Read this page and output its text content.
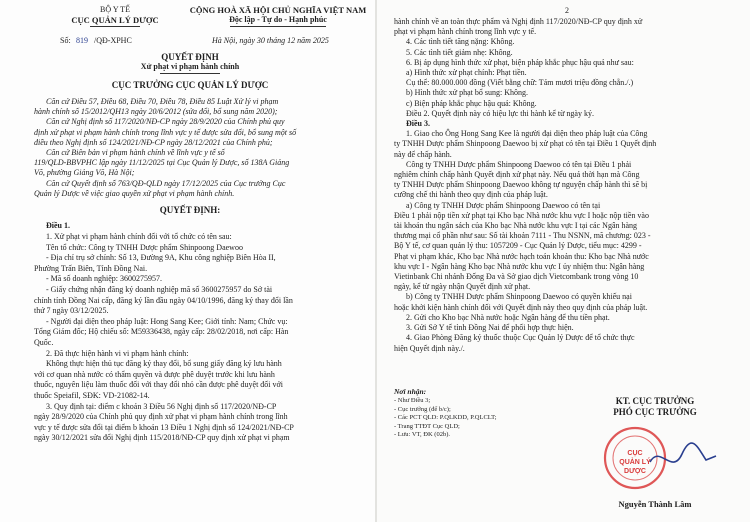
BỘ Y TẾ
CỤC QUẢN LÝ DƯỢC
CỘNG HOÀ XÃ HỘI CHỦ NGHĨA VIỆT NAM
Độc lập - Tự do - Hạnh phúc
Số: 819 /QĐ-XPHC	Hà Nội, ngày 30 tháng 12 năm 2025
QUYẾT ĐỊNH
Xử phạt vi phạm hành chính
CỤC TRƯỞNG CỤC QUẢN LÝ DƯỢC
Căn cứ Điều 57, Điều 68, Điều 70, Điều 78, Điều 85 Luật Xử lý vi phạm
hành chính số 15/2012/QH13 ngày 20/6/2012 (sửa đổi, bổ sung năm 2020);
Căn cứ Nghị định số 117/2020/NĐ-CP ngày 28/9/2020 của Chính phủ quy
định xử phạt vi phạm hành chính trong lĩnh vực y tế được sửa đổi, bổ sung một số
điều theo Nghị định số 124/2021/NĐ-CP ngày 28/12/2021 của Chính phủ;
Căn cứ Biên bản vi phạm hành chính về lĩnh vực y tế số
119/QLD-BBVPHC lập ngày 11/12/2025 tại Cục Quản lý Dược, số 138A Giảng
Võ, phường Giảng Võ, Hà Nội;
Căn cứ Quyết định số 763/QĐ-QLD ngày 17/12/2025 của Cục trưởng Cục
Quản lý Dược về việc giao quyền xử phạt vi phạm hành chính.
QUYẾT ĐỊNH:
Điều 1.
1. Xử phạt vi phạm hành chính đối với tổ chức có tên sau:
Tên tổ chức: Công ty TNHH Dược phẩm Shinpoong Daewoo
- Địa chỉ trụ sở chính: Số 13, Đường 9A, Khu công nghiệp Biên Hòa II,
Phường Trấn Biên, Tỉnh Đồng Nai.
- Mã số doanh nghiệp: 3600275957.
- Giấy chứng nhận đăng ký doanh nghiệp mã số 3600275957 do Sở tài
chính tỉnh Đồng Nai cấp, đăng ký lần đầu ngày 04/10/1996, đăng ký thay đổi lần
thứ 7 ngày 03/12/2025.
- Người đại diện theo pháp luật: Hong Sang Kee; Giới tính: Nam; Chức vụ:
Tổng Giám đốc; Hộ chiếu số: M59336438, ngày cấp: 28/02/2018, nơi cấp: Hàn
Quốc.
2. Đã thực hiện hành vi vi phạm hành chính:
Không thực hiện thủ tục đăng ký thay đổi, bổ sung giấy đăng ký lưu hành
với cơ quan nhà nước có thẩm quyền và được phê duyệt trước khi lưu hành
thuốc, nguyên liệu làm thuốc đối với thay đổi nhỏ cần được phê duyệt đối với
thuốc Speiafil, SĐK: VD-21082-14.
3. Quy định tại: điểm c khoản 3 Điều 56 Nghị định số 117/2020/NĐ-CP
ngày 28/9/2020 của Chính phủ quy định xử phạt vi phạm hành chính trong lĩnh
vực y tế được sửa đổi tại điểm b khoản 13 Điều 1 Nghị định số 124/2021/NĐ-CP
ngày 30/12/2021 sửa đổi Nghị định 115/2018/NĐ-CP quy định xử phạt vi phạm
2
hành chính về an toàn thực phẩm và Nghị định 117/2020/NĐ-CP quy định xử
phạt vi phạm hành chính trong lĩnh vực y tế.
4. Các tình tiết tăng nặng: Không.
5. Các tình tiết giảm nhẹ: Không.
6. Bị áp dụng hình thức xử phạt, biện pháp khắc phục hậu quả như sau:
a) Hình thức xử phạt chính: Phạt tiền.
Cụ thể: 80.000.000 đồng (Viết bằng chữ: Tám mươi triệu đồng chẵn./.)
b) Hình thức xử phạt bổ sung: Không.
c) Biện pháp khắc phục hậu quả: Không.
Điều 2. Quyết định này có hiệu lực thi hành kể từ ngày ký.
Điều 3.
1. Giao cho Ông Hong Sang Kee là người đại diện theo pháp luật của Công
ty TNHH Dược phẩm Shinpoong Daewoo bị xử phạt có tên tại Điều 1 Quyết định
này để chấp hành.
Công ty TNHH Dược phẩm Shinpoong Daewoo có tên tại Điều 1 phải
nghiêm chỉnh chấp hành Quyết định xử phạt này. Nếu quá thời hạn mà Công
ty TNHH Dược phẩm Shinpoong Daewoo không tự nguyện chấp hành thì sẽ bị
cưỡng chế thi hành theo quy định của pháp luật.
a) Công ty TNHH Dược phẩm Shinpoong Daewoo có tên tại
Điều 1 phải nộp tiền xử phạt tại Kho bạc Nhà nước khu vực I hoặc nộp tiền vào
tài khoản thu ngân sách của Kho bạc Nhà nước khu vực I tại các Ngân hàng
thương mại cổ phần như sau: Số tài khoản 7111 - Thu NSNN, mã chương: 023 -
Bộ Y tế, cơ quan quản lý thu: 1057209 - Cục Quản lý Dược, tiểu mục: 4299 -
Phạt vi phạm khác, Kho bạc Nhà nước hạch toán khoản thu: Kho bạc Nhà nước
khu vực I - Ngân hàng Kho bạc Nhà nước khu vực I ủy nhiệm thu: Ngân hàng
Vietinbank Chi nhánh Đống Đa và Sở giao dịch Vietcombank trong vòng 10
ngày, kể từ ngày nhận Quyết định xử phạt.
b) Công ty TNHH Dược phẩm Shinpoong Daewoo có quyền khiếu nại
hoặc khởi kiện hành chính đối với Quyết định này theo quy định của pháp luật.
2. Gửi cho Kho bạc Nhà nước hoặc Ngân hàng để thu tiền phạt.
3. Gửi Sở Y tế tỉnh Đồng Nai để phối hợp thực hiện.
4. Giao Phòng Đăng ký thuốc thuộc Cục Quản lý Dược để tổ chức thực
hiện Quyết định này./.
Nơi nhận:
- Như Điều 3;
- Cục trưởng (để b/c);
- Các PCT QLD: P.QLKDD, P.QLCLT;
- Trang TTĐT Cục QLD;
- Lưu: VT, ĐK (02b).
KT. CỤC TRƯỞNG
PHÓ CỤC TRƯỞNG
CỤC
QUẢN LÝ
DƯỢC
Nguyễn Thành Lâm
